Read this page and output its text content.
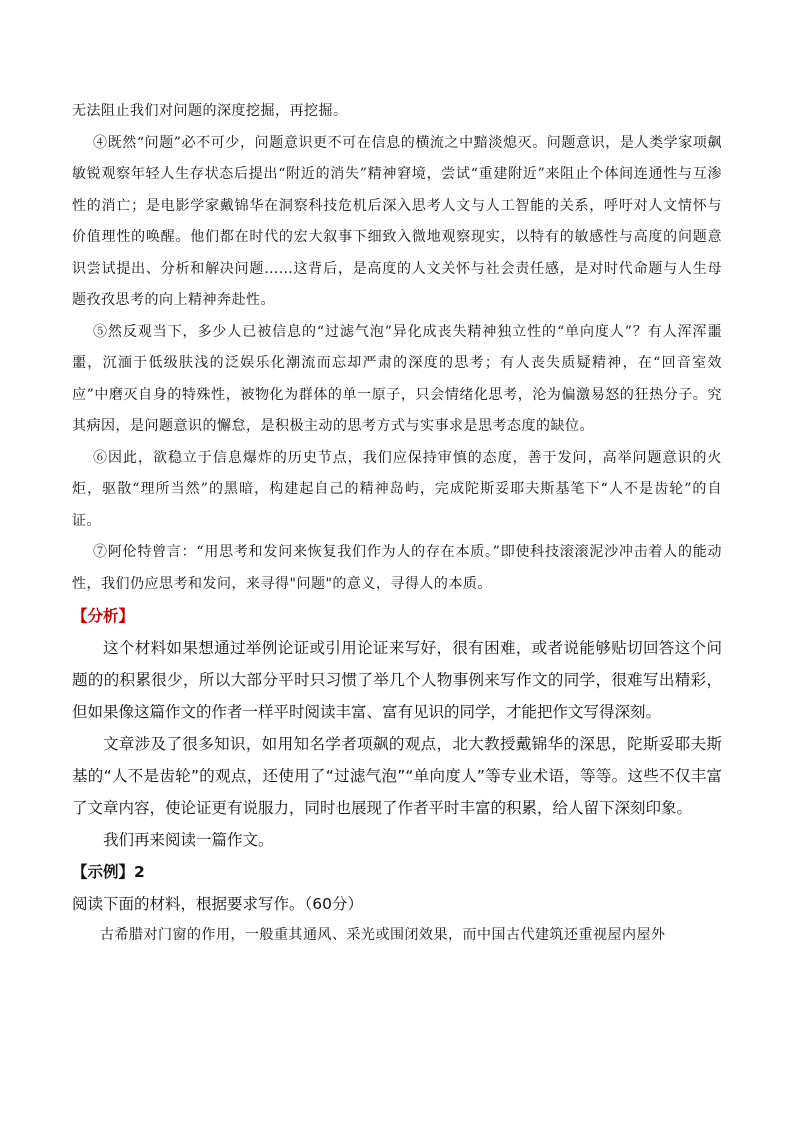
无法阻止我们对问题的深度挖掘，再挖掘。

④既然“问题”必不可少，问题意识更不可在信息的横流之中黯淡熄灭。问题意识，是人类学家项飙敏锐观察年轻人生存状态后提出“附近的消失”精神窘境，尝试“重建附近”来阻止个体间连通性与互渗性的消亡；是电影学家戴锦华在洞察科技危机后深入思考人文与人工智能的关系，呼吁对人文情怀与价值理性的唤醒。他们都在时代的宏大叙事下细致入微地观察现实，以特有的敏感性与高度的问题意识尝试提出、分析和解决问题……这背后，是高度的人文关怀与社会责任感，是对时代命题与人生母题孜孜思考的向上精神奔赴性。

⑤然反观当下，多少人已被信息的“过滤气泡”异化成丧失精神独立性的“单向度人”？有人浑浑噩噩，沉湎于低级肤浅的泛娱乐化潮流而忘却严肃的深度的思考；有人丧失质疑精神，在“回音室效应”中磨灭自身的特殊性，被物化为群体的单一原子，只会情绪化思考，沦为偏激易怒的狂热分子。究其病因，是问题意识的懈怠，是积极主动的思考方式与实事求是思考态度的缺位。

⑥因此，欲稳立于信息爆炸的历史节点，我们应保持审慎的态度，善于发问，高举问题意识的火炬，驱散“理所当然”的黑暗，构建起自己的精神岛屿，完成陀斯妥耶夫斯基笔下“人不是齿轮”的自证。

⑦阿伦特曾言：“用思考和发问来恢复我们作为人的存在本质。”即使科技滚滚泥沙冲击着人的能动性，我们仍应思考和发问，来寻得"问题"的意义，寻得人的本质。

【分析】

这个材料如果想通过举例论证或引用论证来写好，很有困难，或者说能够贴切回答这个问题的的积累很少，所以大部分平时只习惯了举几个人物事例来写作文的同学，很难写出精彩，但如果像这篇作文的作者一样平时阅读丰富、富有见识的同学，才能把作文写得深刻。

文章涉及了很多知识，如用知名学者项飙的观点，北大教授戴锦华的深思，陀斯妥耶夫斯基的“人不是齿轮”的观点，还使用了“过滤气泡”“单向度人”等专业术语，等等。这些不仅丰富了文章内容，使论证更有说服力，同时也展现了作者平时丰富的积累，给人留下深刻印象。

我们再来阅读一篇作文。

【示例】2

阅读下面的材料，根据要求写作。（60分）

古希腊对门窗的作用，一般重其通风、采光或围闭效果，而中国古代建筑还重视屋内屋外
